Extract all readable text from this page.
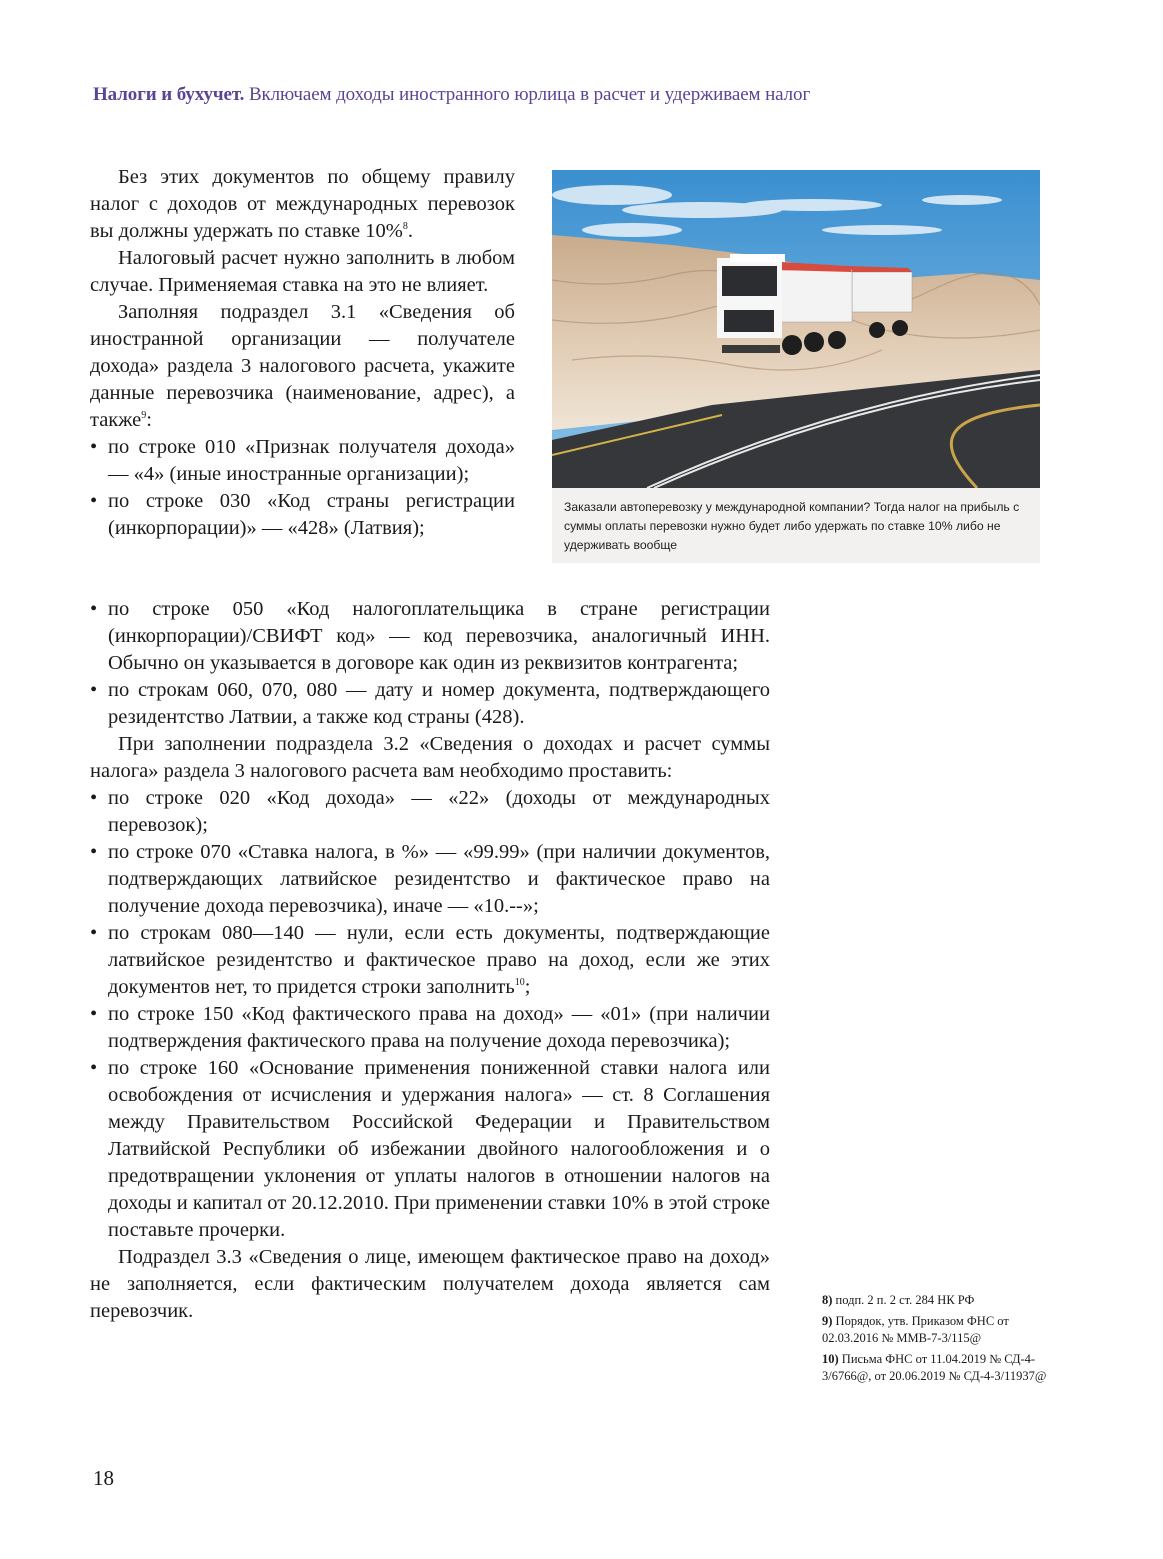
Налоги и бухучет. Включаем доходы иностранного юрлица в расчет и удерживаем налог

Без этих документов по общему правилу налог с доходов от международных перевозок вы должны удержать по ставке 10%$^8$.

Налоговый расчет нужно заполнить в любом случае. Применяемая ставка на это не влияет.

Заполняя подраздел 3.1 «Сведения об иностранной организации — получателе дохода» раздела 3 налогового расчета, укажите данные перевозчика (наименование, адрес), а также$^9$:

• по строке 010 «Признак получателя дохода» — «4» (иные иностранные организации);
• по строке 030 «Код страны регистрации (инкорпорации)» — «428» (Латвия);
• по строке 050 «Код налогоплательщика в стране регистрации (инкорпорации)/СВИФТ код» — код перевозчика, аналогичный ИНН. Обычно он указывается в договоре как один из реквизитов контрагента;
• по строкам 060, 070, 080 — дату и номер документа, подтверждающего резидентство Латвии, а также код страны (428).

При заполнении подраздела 3.2 «Сведения о доходах и расчет суммы налога» раздела 3 налогового расчета вам необходимо проставить:

• по строке 020 «Код дохода» — «22» (доходы от международных перевозок);
• по строке 070 «Ставка налога, в %» — «99.99» (при наличии документов, подтверждающих латвийское резидентство и фактическое право на получение дохода перевозчика), иначе — «10.--»;
• по строкам 080—140 — нули, если есть документы, подтверждающие латвийское резидентство и фактическое право на доход, если же этих документов нет, то придется строки заполнить$^{10}$;
• по строке 150 «Код фактического права на доход» — «01» (при наличии подтверждения фактического права на получение дохода перевозчика);
• по строке 160 «Основание применения пониженной ставки налога или освобождения от исчисления и удержания налога» — ст. 8 Соглашения между Правительством Российской Федерации и Правительством Латвийской Республики об избежании двойного налогообложения и о предотвращении уклонения от уплаты налогов в отношении налогов на доходы и капитал от 20.12.2010. При применении ставки 10% в этой строке поставьте прочерки.

Подраздел 3.3 «Сведения о лице, имеющем фактическое право на доход» не заполняется, если фактическим получателем дохода является сам перевозчик.

Заказали автоперевозку у международной компании? Тогда налог на прибыль с суммы оплаты перевозки нужно будет либо удержать по ставке 10% либо не удерживать вообще
8) подп. 2 п. 2 ст. 284 НК РФ
9) Порядок, утв. Приказом ФНС от 02.03.2016 № ММВ-7-3/115@
10) Письма ФНС от 11.04.2019 № СД-4-3/6766@, от 20.06.2019 № СД-4-3/11937@
18
